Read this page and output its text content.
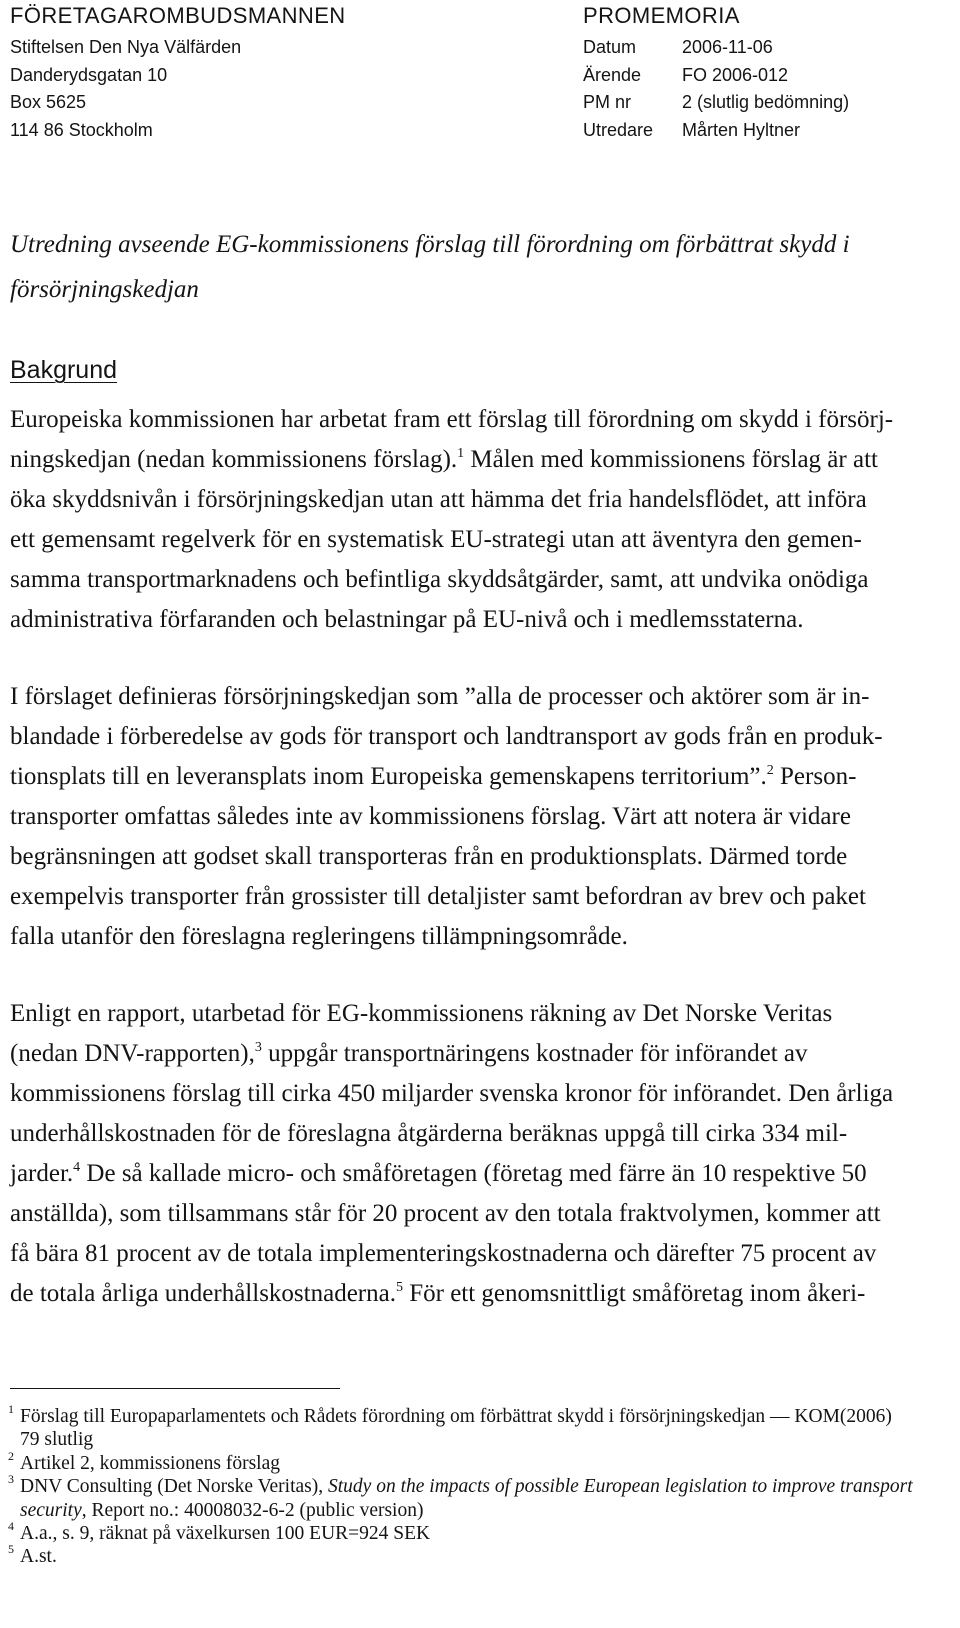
FÖRETAGAROMBUDSMANNEN
Stiftelsen Den Nya Välfärden
Danderydsgatan 10
Box 5625
114 86 Stockholm
PROMEMORIA
Datum	2006-11-06
Ärende	FO 2006-012
PM nr	2 (slutlig bedömning)
Utredare	Mårten Hyltner
Utredning avseende EG-kommissionens förslag till förordning om förbättrat skydd i
försörjningskedjan
Bakgrund
Europeiska kommissionen har arbetat fram ett förslag till förordning om skydd i försörj-
ningskedjan (nedan kommissionens förslag).$^1$ Målen med kommissionens förslag är att
öka skyddsnivån i försörjningskedjan utan att hämma det fria handelsflödet, att införa
ett gemensamt regelverk för en systematisk EU-strategi utan att äventyra den gemen-
samma transportmarknadens och befintliga skyddsåtgärder, samt, att undvika onödiga
administrativa förfaranden och belastningar på EU-nivå och i medlemsstaterna.
I förslaget definieras försörjningskedjan som ”alla de processer och aktörer som är in-
blandade i förberedelse av gods för transport och landtransport av gods från en produk-
tionsplats till en leveransplats inom Europeiska gemenskapens territorium”.$^2$ Person-
transporter omfattas således inte av kommissionens förslag. Värt att notera är vidare
begränsningen att godset skall transporteras från en produktionsplats. Därmed torde
exempelvis transporter från grossister till detaljister samt befordran av brev och paket
falla utanför den föreslagna regleringens tillämpningsområde.
Enligt en rapport, utarbetad för EG-kommissionens räkning av Det Norske Veritas
(nedan DNV-rapporten),$^3$ uppgår transportnäringens kostnader för införandet av
kommissionens förslag till cirka 450 miljarder svenska kronor för införandet. Den årliga
underhållskostnaden för de föreslagna åtgärderna beräknas uppgå till cirka 334 mil-
jarder.$^4$ De så kallade micro- och småföretagen (företag med färre än 10 respektive 50
anställda), som tillsammans står för 20 procent av den totala fraktvolymen, kommer att
få bära 81 procent av de totala implementeringskostnaderna och därefter 75 procent av
de totala årliga underhållskostnaderna.$^5$ För ett genomsnittligt småföretag inom åkeri-
1 Förslag till Europaparlamentets och Rådets förordning om förbättrat skydd i försörjningskedjan — KOM(2006)
79 slutlig
2 Artikel 2, kommissionens förslag
3 DNV Consulting (Det Norske Veritas), Study on the impacts of possible European legislation to improve transport
security, Report no.: 40008032-6-2 (public version)
4 A.a., s. 9, räknat på växelkursen 100 EUR=924 SEK
5 A.st.
